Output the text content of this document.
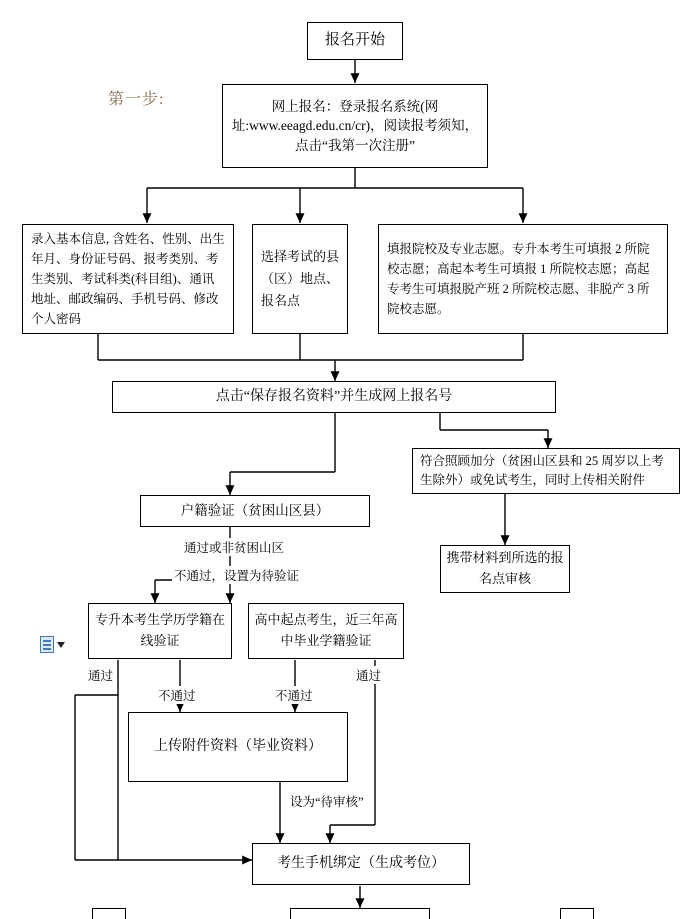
第一步:
报名开始
网上报名：登录报名系统(网址:www.eeagd.edu.cn/cr)，阅读报考须知，点击“我第一次注册”
录入基本信息, 含姓名、性别、出生年月、身份证号码、报考类别、考生类别、考试科类(科目组)、通讯地址、邮政编码、手机号码、修改个人密码
选择考试的县（区）地点、报名点
填报院校及专业志愿。专升本考生可填报 2 所院校志愿；高起本考生可填报 1 所院校志愿；高起专考生可填报脱产班 2 所院校志愿、非脱产 3 所院校志愿。
点击“保存报名资料”并生成网上报名号
符合照顾加分（贫困山区县和 25 周岁以上考生除外）或免试考生，同时上传相关附件
户籍验证（贫困山区县）
携带材料到所选的报名点审核
专升本考生学历学籍在线验证
高中起点考生，近三年高中毕业学籍验证
上传附件资料（毕业资料）
考生手机绑定（生成考位）
通过或非贫困山区
不通过，设置为待验证
通过
不通过	不通过
通过
设为“待审核”
